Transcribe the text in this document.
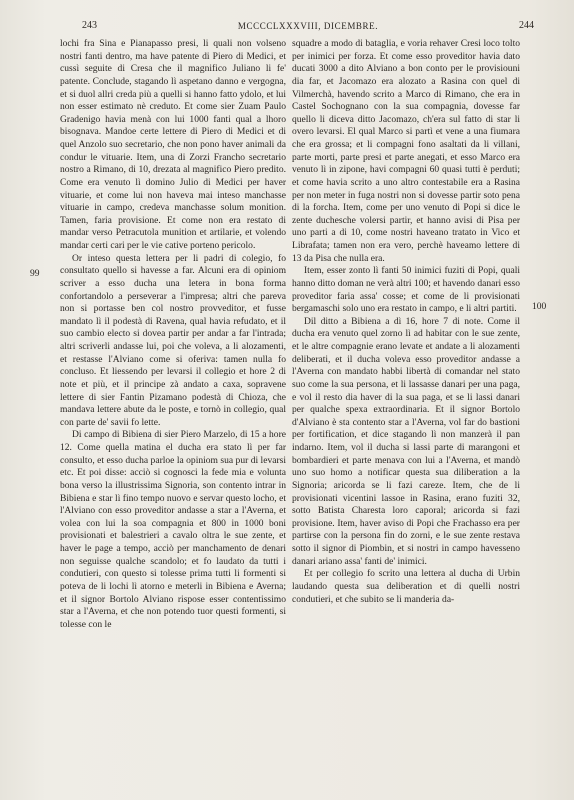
243	MCCCCLXXXVIII, DICEMBRE.	244
99
100

lochi fra Sina e Pianapasso presi, li quali non volseno nostri fanti dentro, ma have patente di Piero di Medici, et cussì seguite di Cresa che il magnifico Juliano li fe' patente. Conclude, stagando lì aspetano danno e vergogna, et si duol allri creda più a quelli si hanno fatto ydolo, et lui non esser estimato nè creduto. Et come sier Zuam Paulo Gradenigo havia menà con lui 1000 fanti qual a lhoro bisognava. Mandoe certe lettere di Piero di Medici et di quel Anzolo suo secretario, che non pono haver animali da condur le vituarie. Item, una di Zorzi Francho secretario nostro a Rimano, di 10, drezata al magnifico Piero predito. Come era venuto lì domino Julio di Medici per haver vituarie, et come lui non haveva mai inteso manchasse vituarie in campo, credeva manchasse solum monition. Tamen, faria provisione. Et come non era restato di mandar verso Petracutola munition et artilarie, et volendo mandar certi cari per le vie cative porteno pericolo.

Or inteso questa lettera per li padri di colegio, fo consultato quello si havesse a far. Alcuni era di opiniom scriver a esso ducha una letera in bona forma confortandolo a perseverar a l'impresa; altri che pareva non si portasse ben col nostro provveditor, et fusse mandato lì il podestà di Ravena, qual havia refudato, et il suo cambio electo si dovea partir per andar a far l'intrada; altri scriverli andasse lui, poi che voleva, a li alozamenti, et restasse l'Alviano come si oferiva: tamen nulla fo concluso. Et liessendo per levarsi il collegio et hore 2 di note et più, et il principe zà andato a caxa, sopravene lettere di sier Fantin Pizamano podestà di Chioza, che mandava lettere abute da le poste, e tornò in collegio, qual con parte de' savii fo lette.

Di campo di Bibiena di sier Piero Marzelo, di 15 a hore 12. Come quella matina el ducha era stato lì per far consulto, et esso ducha parloe la opiniom sua pur di levarsi etc. Et poi disse: acciò si cognosci la fede mia e volunta bona verso la illustrissima Signoria, son contento intrar in Bibiena e star lì fino tempo nuovo e servar questo locho, et l'Alviano con esso proveditor andasse a star a l'Averna, et volea con lui la soa compagnia et 800 in 1000 boni provisionati et balestrieri a cavalo oltra le sue zente, et haver le page a tempo, acciò per manchamento de denari non seguisse qualche scandolo; et fo laudato da tutti i condutieri, con questo si tolesse prima tutti li formenti si poteva de li lochi lì atorno e meterli in Bibiena e Averna; et il signor Bortolo Alviano rispose esser contentissimo star a l'Averna, et che non potendo tuor questi formenti, si tolesse con le

squadre a modo di bataglia, e voria rehaver Cresi loco tolto per inimici per forza. Et come esso proveditor havia dato ducati 3000 a dito Alviano a bon conto per le provisiouni dia far, et Jacomazo era alozato a Rasina con quel di Vilmerchà, havendo scrito a Marco di Rimano, che era in Castel Sochognano con la sua compagnia, dovesse far quello li diceva ditto Jacomazo, ch'era sul fatto di star li overo levarsi. El qual Marco si partì et vene a una fiumara che era grossa; et li compagni fono asaltati da li villani, parte morti, parte presi et parte anegati, et esso Marco era venuto lì in zipone, havi compagni 60 quasi tutti è perduti; et come havia scrito a uno altro contestabile era a Rasina per non meter in fuga nostri non si dovesse partir soto pena di la forcha. Item, come per uno venuto di Popi si dice le zente duchesche volersi partir, et hanno avisi di Pisa per uno parti a di 10, come nostri haveano tratato in Vico et Librafata; tamen non era vero, perchè haveamo lettere di 13 da Pisa che nulla era.

Item, esser zonto lì fanti 50 inimici fuziti di Popi, quali hanno ditto doman ne verà altri 100; et havendo danari esso proveditor faria assa' cosse; et come de li provisionati bergamaschi solo uno era restato in campo, e li altri partiti.

Dil ditto a Bibiena a dì 16, hore 7 di note. Come il ducha era venuto quel zorno lì ad habitar con le sue zente, et le altre compagnie erano levate et andate a li alozamenti deliberati, et il ducha voleva esso proveditor andasse a l'Averna con mandato habbi libertà di comandar nel stato suo come la sua persona, et li lassasse danari per una paga, e vol il resto dia haver di la sua paga, et se li lassi danari per qualche spexa extraordinaria. Et il signor Bortolo d'Alviano è sta contento star a l'Averna, vol far do bastioni per fortification, et dice stagando lì non manzerà il pan indarno. Item, vol il ducha si lassi parte di marangoni et bombardieri et parte menava con lui a l'Averna, et mandò uno suo homo a notificar questa sua diliberation a la Signoria; aricorda se li fazi careze. Item, che de li provisionati vicentini lassoe in Rasina, erano fuziti 32, sotto Batista Charesta loro caporal; aricorda si fazi provisione. Item, haver aviso di Popi che Frachasso era per partirse con la persona fin do zorni, e le sue zente restava sotto il signor di Piombin, et si nostri in campo havesseno danari ariano assa' fanti de' inimici.

Et per collegio fo scrito una lettera al ducha di Urbin laudando questa sua deliberation et di quelli nostri condutieri, et che subito se li manderia da-
